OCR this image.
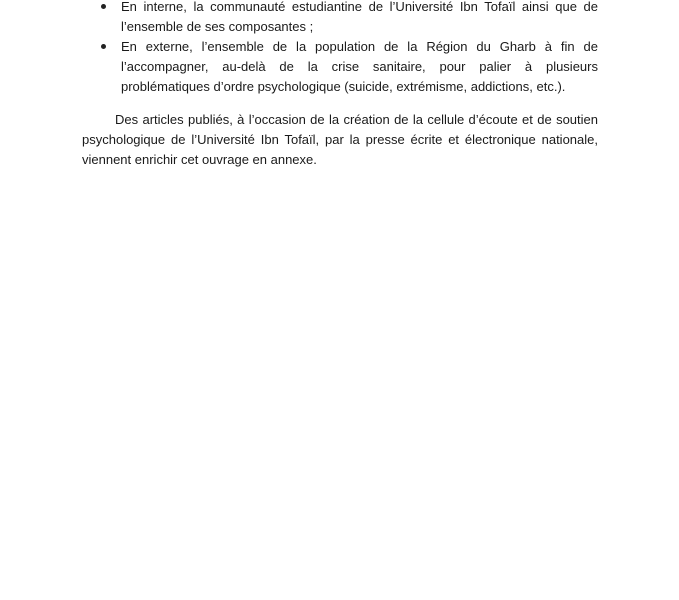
En interne, la communauté estudiantine de l’Université Ibn Tofaïl ainsi que de l’ensemble de ses composantes ;
En externe, l’ensemble de la population de la Région du Gharb à fin de l’accompagner, au-delà de la crise sanitaire, pour palier à plusieurs problématiques d’ordre psychologique (suicide, extrémisme, addictions, etc.).

Des articles publiés, à l’occasion de la création de la cellule d’écoute et de soutien psychologique de l’Université Ibn Tofaïl, par la presse écrite et électronique nationale, viennent enrichir cet ouvrage en annexe.
